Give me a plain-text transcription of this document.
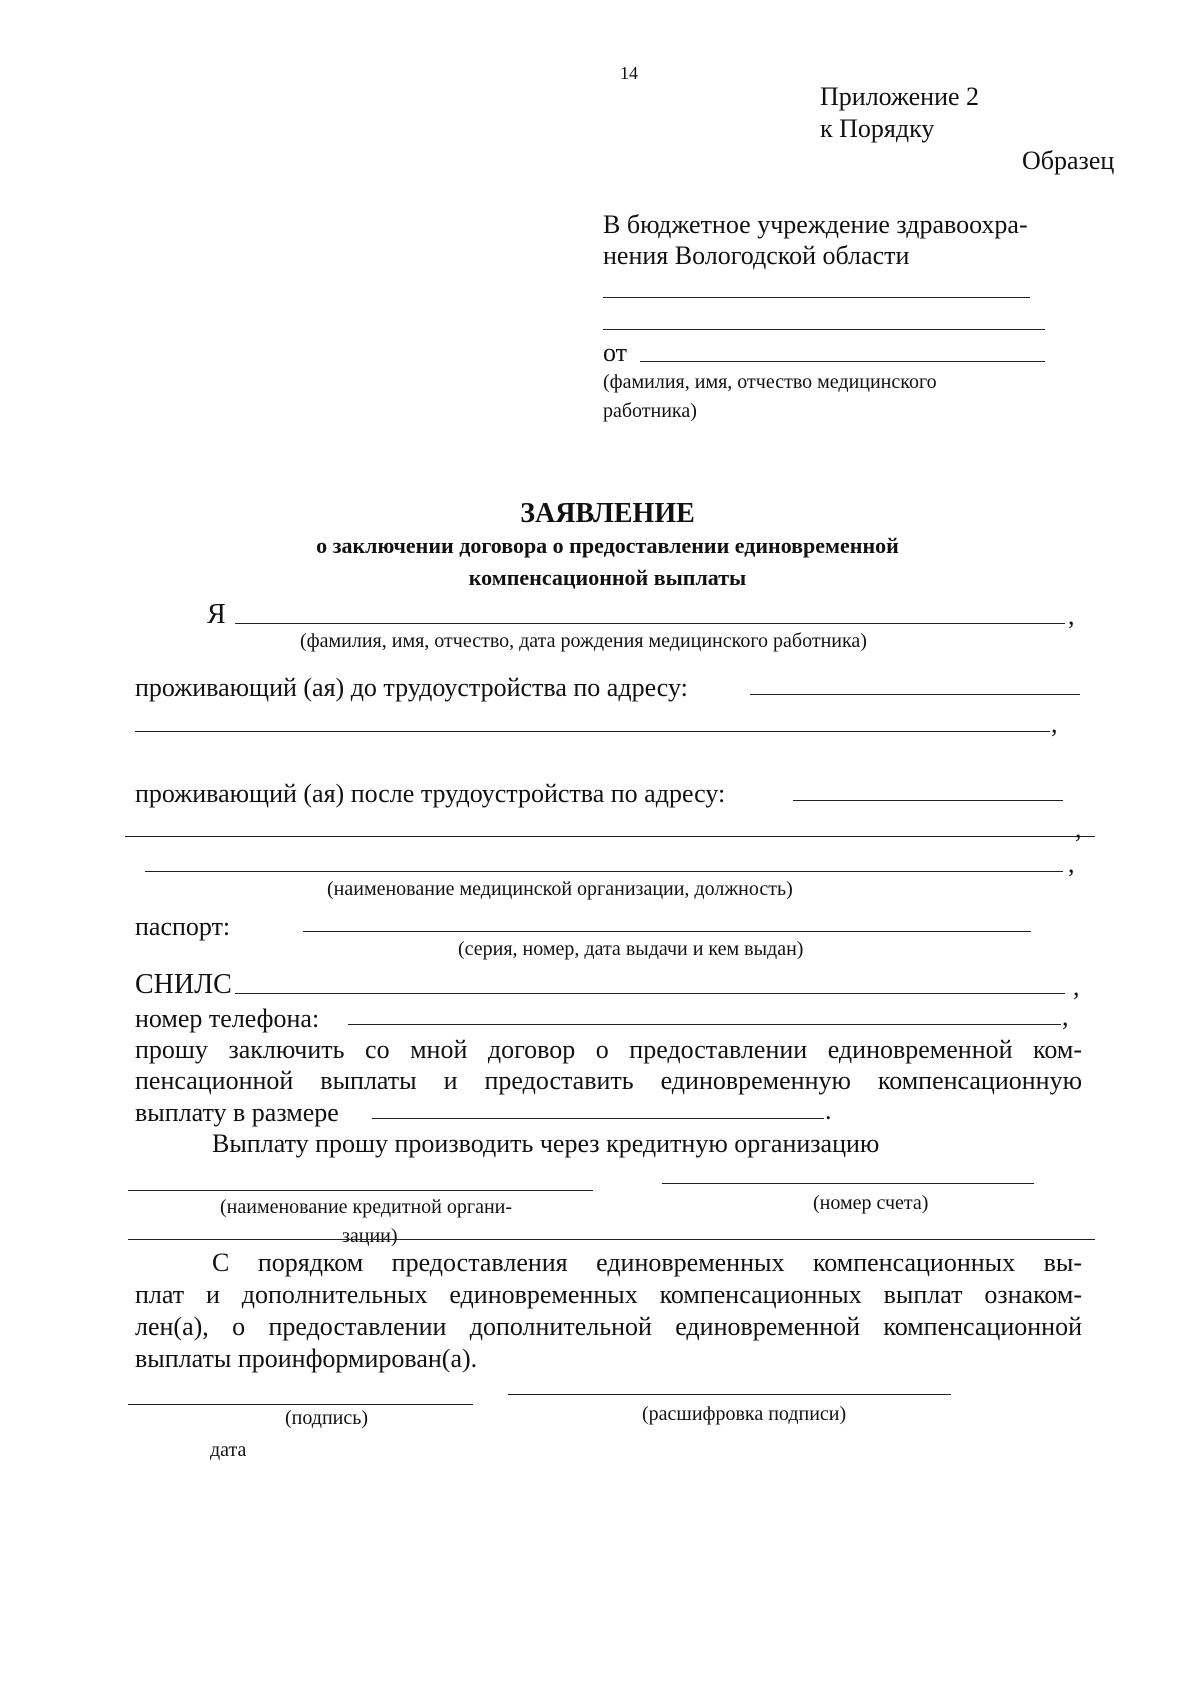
14
Приложение 2
к Порядку
Образец
В бюджетное учреждение здравоохра-
нения Вологодской области
от
(фамилия, имя, отчество медицинского
работника)
ЗАЯВЛЕНИЕ
о заключении договора о предоставлении единовременной
компенсационной выплаты
Я	,
(фамилия, имя, отчество, дата рождения медицинского работника)
проживающий (ая) до трудоустройства по адресу:
,
проживающий (ая) после трудоустройства по адресу:
,
,
(наименование медицинской организации, должность)
паспорт:
(серия, номер, дата выдачи и кем выдан)
СНИЛС	,
номер телефона:	,
прошу заключить со мной договор о предоставлении единовременной ком-
пенсационной выплаты и предоставить единовременную компенсационную
выплату в размере	.
Выплату прошу производить через кредитную организацию
(наименование кредитной органи-
зации)
(номер счета)
С порядком предоставления единовременных компенсационных вы-
плат и дополнительных единовременных компенсационных выплат ознаком-
лен(а), о предоставлении дополнительной единовременной компенсационной
выплаты проинформирован(а).
(подпись)	(расшифровка подписи)
дата
